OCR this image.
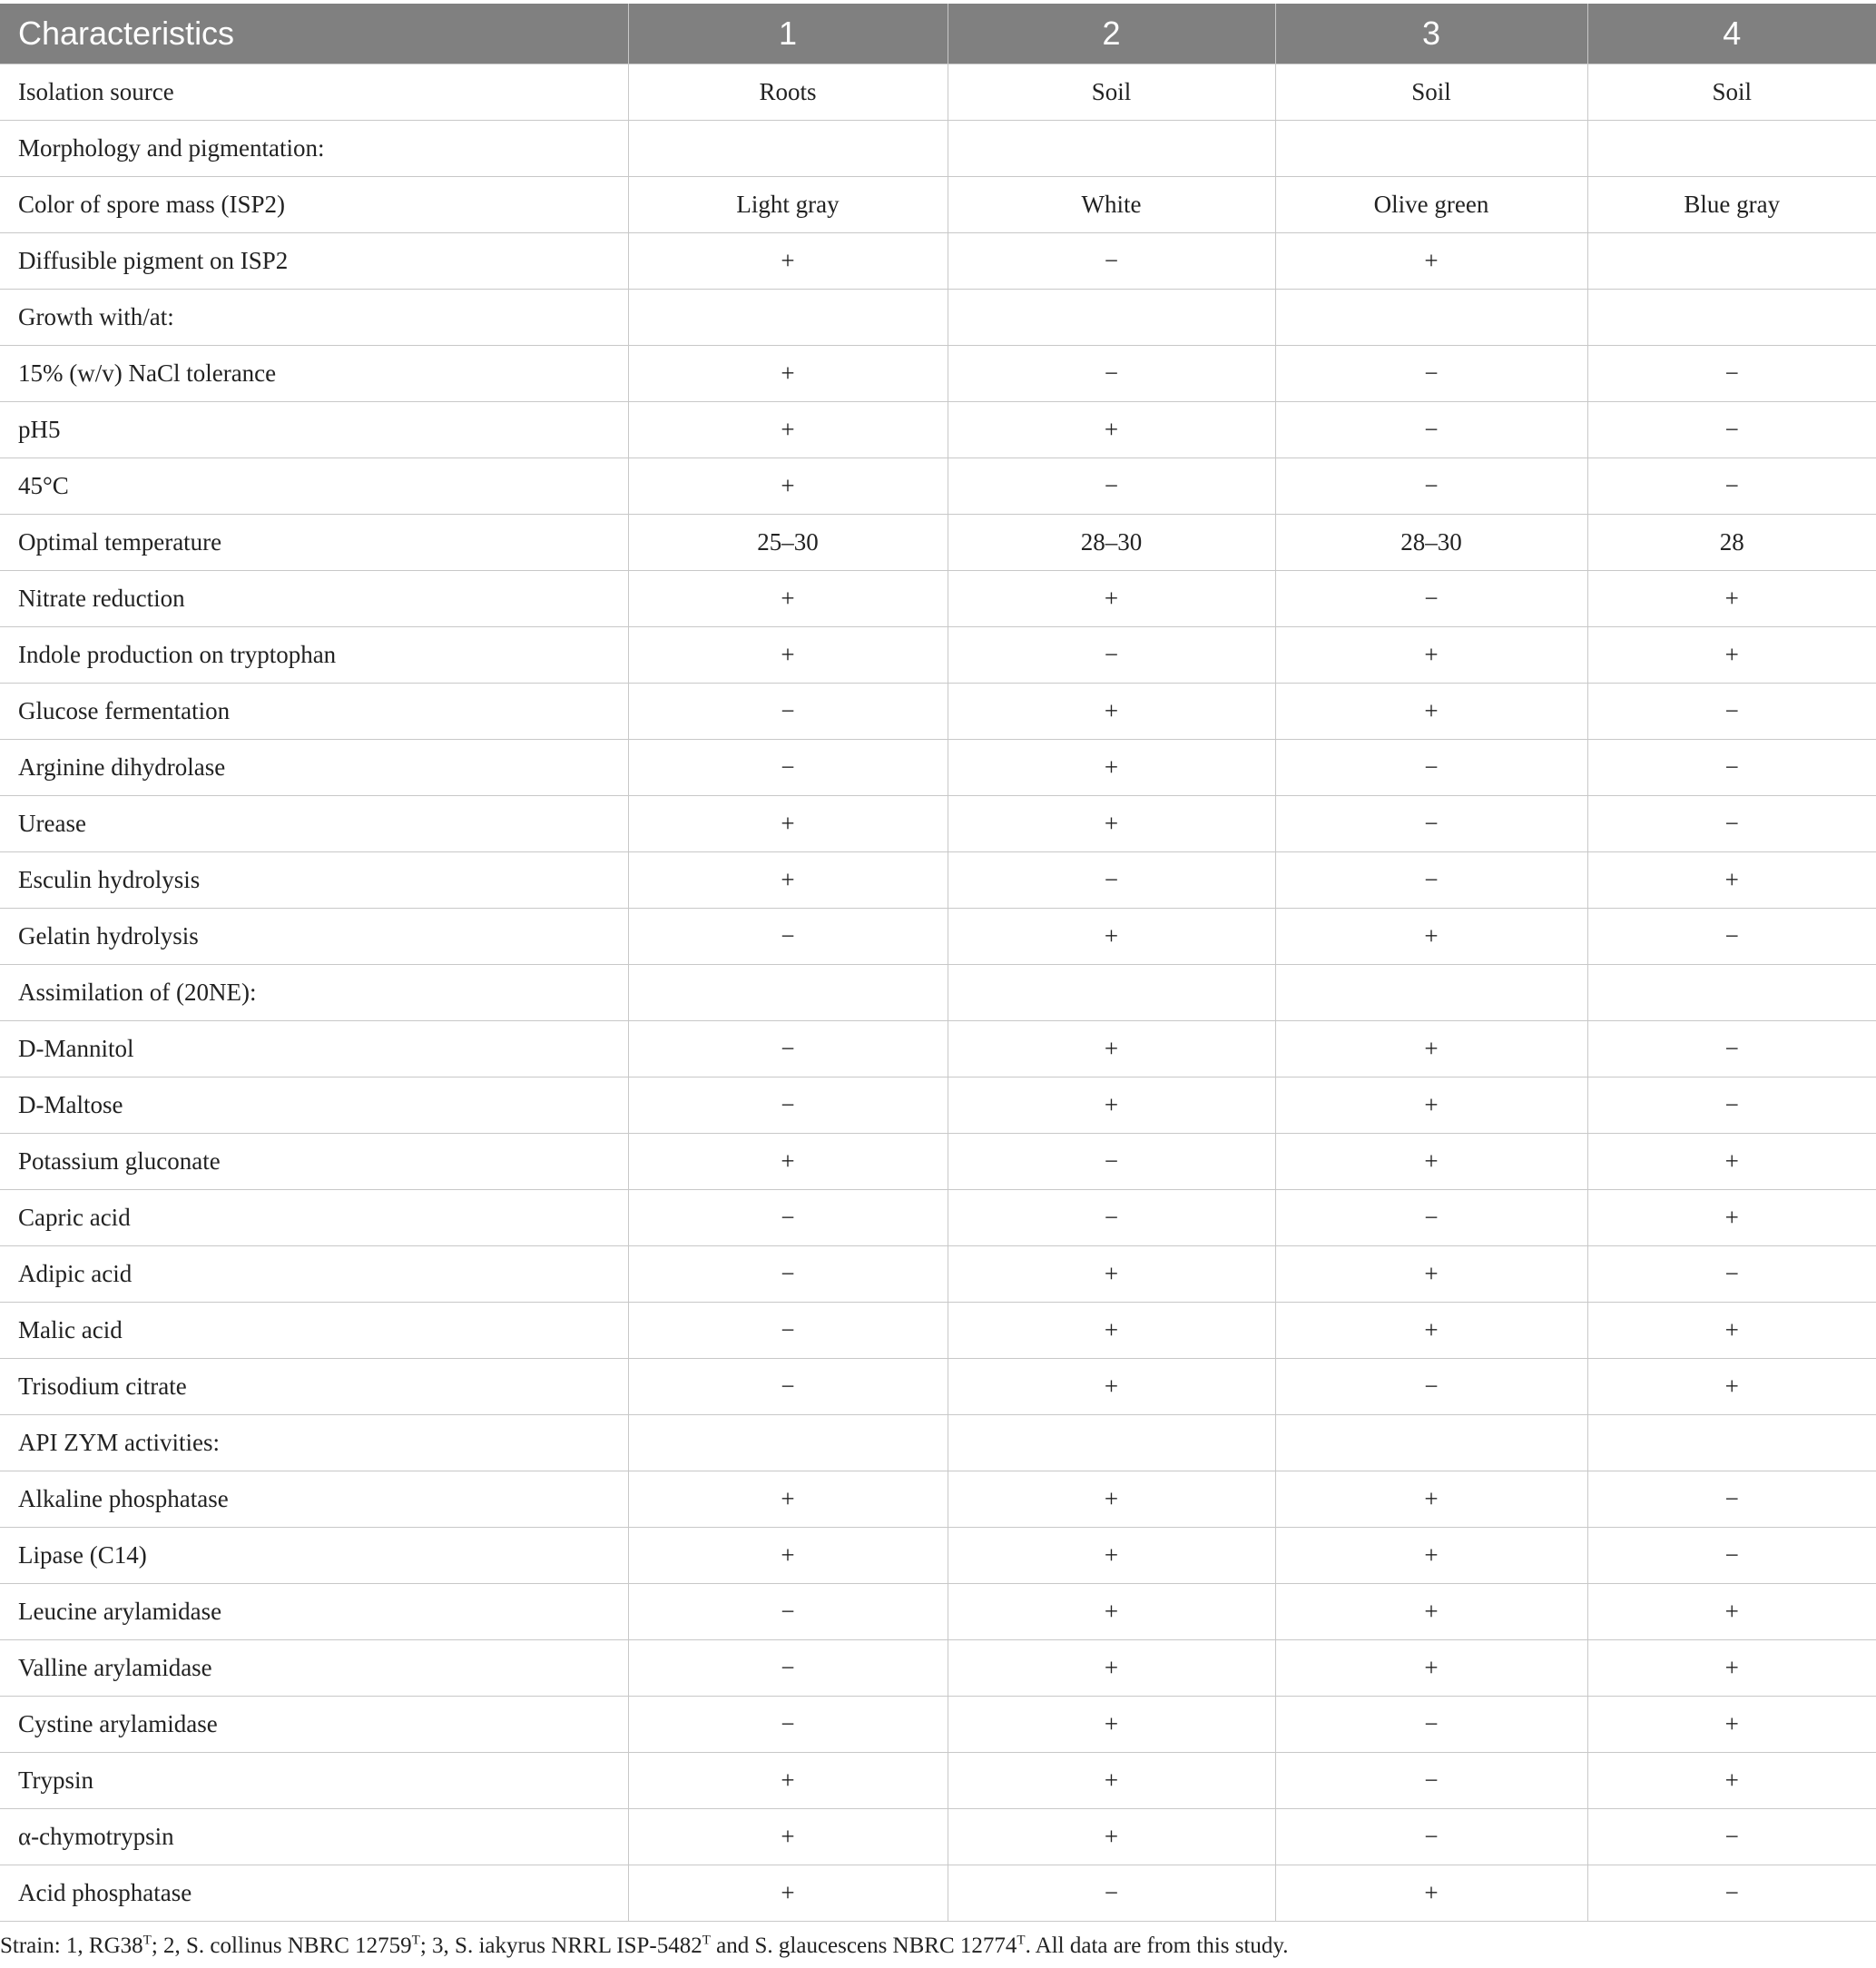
Characteristics	1	2	3	4
Isolation source	Roots	Soil	Soil	Soil
Morphology and pigmentation:				
Color of spore mass (ISP2)	Light gray	White	Olive green	Blue gray
Diffusible pigment on ISP2	+	−	+	
Growth with/at:				
15% (w/v) NaCl tolerance	+	−	−	−
pH5	+	+	−	−
45°C	+	−	−	−
Optimal temperature	25–30	28–30	28–30	28
Nitrate reduction	+	+	−	+
Indole production on tryptophan	+	−	+	+
Glucose fermentation	−	+	+	−
Arginine dihydrolase	−	+	−	−
Urease	+	+	−	−
Esculin hydrolysis	+	−	−	+
Gelatin hydrolysis	−	+	+	−
Assimilation of (20NE):				
D-Mannitol	−	+	+	−
D-Maltose	−	+	+	−
Potassium gluconate	+	−	+	+
Capric acid	−	−	−	+
Adipic acid	−	+	+	−
Malic acid	−	+	+	+
Trisodium citrate	−	+	−	+
API ZYM activities:				
Alkaline phosphatase	+	+	+	−
Lipase (C14)	+	+	+	−
Leucine arylamidase	−	+	+	+
Valline arylamidase	−	+	+	+
Cystine arylamidase	−	+	−	+
Trypsin	+	+	−	+
α-chymotrypsin	+	+	−	−
Acid phosphatase	+	−	+	−
Strain: 1, $RG38^T$; 2, S. collinus NBRC $12759^T$; 3, S. iakyrus NRRL ISP-$5482^T$ and S. glaucescens NBRC $12774^T$. All data are from this study.
